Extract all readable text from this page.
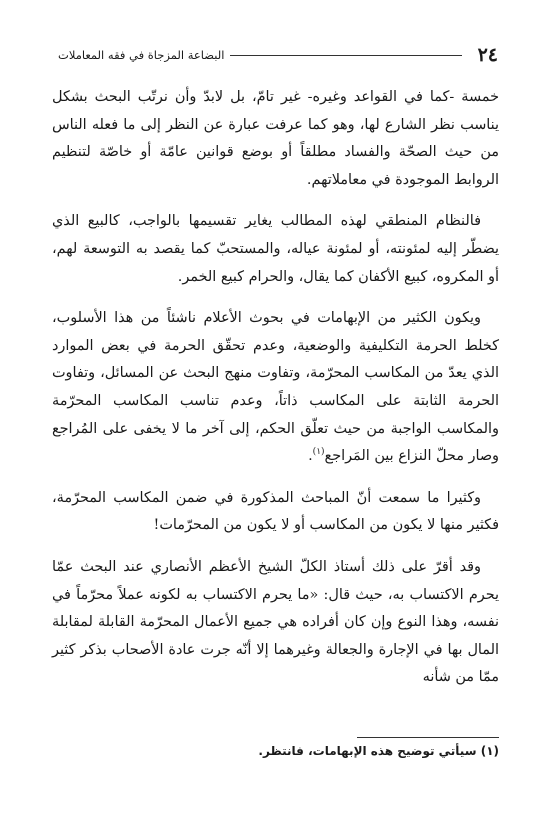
٢٤
البضاعة المزجاة في فقه المعاملات

خمسة -كما في القواعد وغيره- غير تامّ، بل لابدّ وأن نرتّب البحث بشكل يناسب نظر الشارع لها، وهو كما عرفت عبارة عن النظر إلى ما فعله الناس من حيث الصحّة والفساد مطلقاً أو بوضع قوانين عامّة أو خاصّة لتنظيم الروابط الموجودة في معاملاتهم.

فالنظام المنطقي لهذه المطالب يغاير تقسيمها بالواجب، كالبيع الذي يضطّر إليه لمئونته، أو لمئونة عياله، والمستحبّ كما يقصد به التوسعة لهم، أو المكروه، كبيع الأكفان كما يقال، والحرام كبيع الخمر.

ويكون الكثير من الإبهامات في بحوث الأعلام ناشئاً من هذا الأسلوب، كخلط الحرمة التكليفية والوضعية، وعدم تحقّق الحرمة في بعض الموارد الذي يعدّ من المكاسب المحرّمة، وتفاوت منهج البحث عن المسائل، وتفاوت الحرمة الثابتة على المكاسب ذاتاً، وعدم تناسب المكاسب المحرّمة والمكاسب الواجبة من حيث تعلّق الحكم، إلى آخر ما لا يخفى على المُراجع وصار محلّ النزاع بين المَراجع$^{(١)}$.

وكثيرا ما سمعت أنّ المباحث المذكورة في ضمن المكاسب المحرّمة، فكثير منها لا يكون من المكاسب أو لا يكون من المحرّمات!

وقد أقرّ على ذلك أستاذ الكلّ الشيخ الأعظم الأنصاري عند البحث عمّا يحرم الاكتساب به، حيث قال: «ما يحرم الاكتساب به لكونه عملاً محرّماً في نفسه، وهذا النوع وإن كان أفراده هي جميع الأعمال المحرّمة القابلة لمقابلة المال بها في الإجارة والجعالة وغيرهما إلا أنّه جرت عادة الأصحاب بذكر كثير ممّا من شأنه

(١) سيأتي توضيح هذه الإبهامات، فانتظر.
